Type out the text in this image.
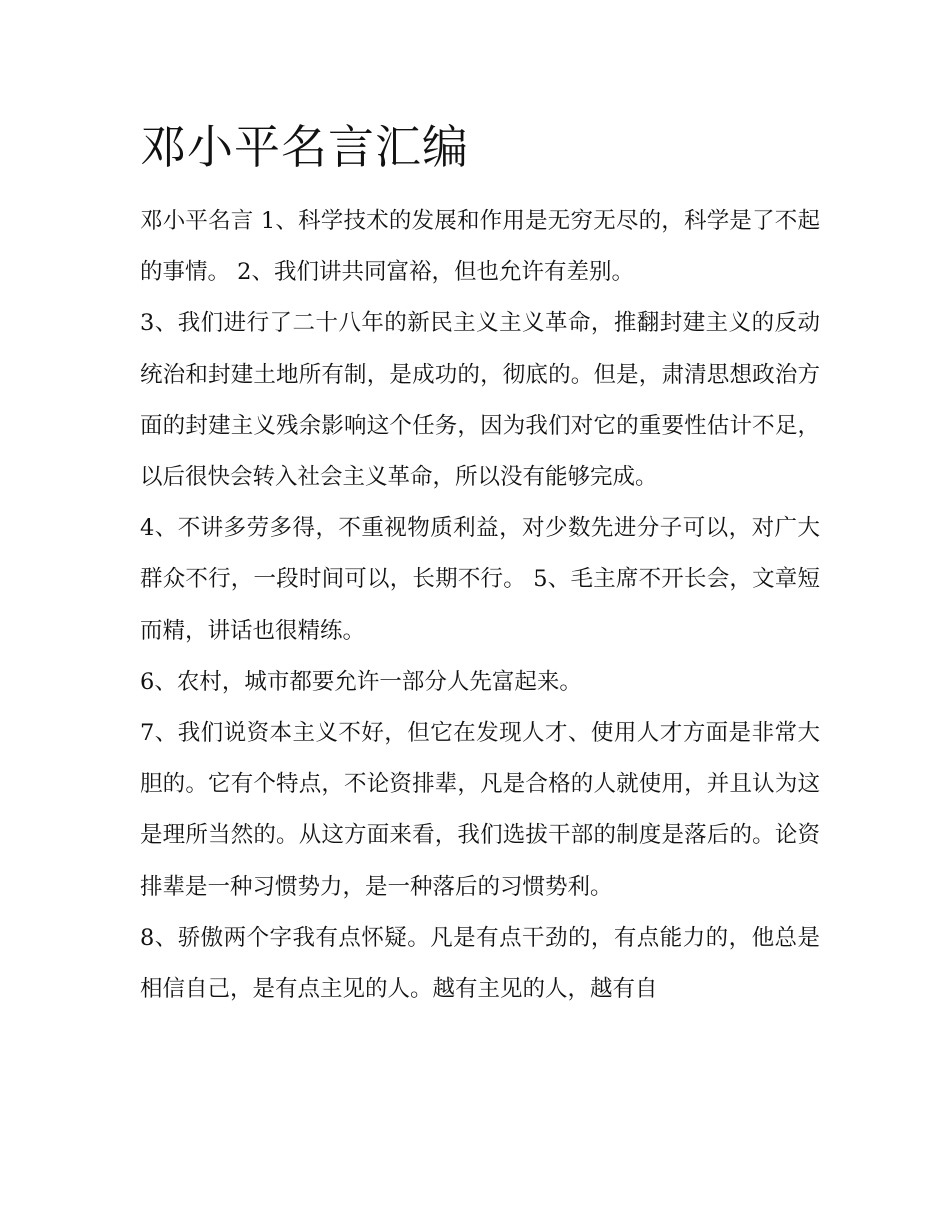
邓小平名言汇编

邓小平名言 1、科学技术的发展和作用是无穷无尽的，科学是了不起的事情。 2、我们讲共同富裕，但也允许有差别。

3、我们进行了二十八年的新民主义主义革命，推翻封建主义的反动统治和封建土地所有制，是成功的，彻底的。但是，肃清思想政治方面的封建主义残余影响这个任务，因为我们对它的重要性估计不足，以后很快会转入社会主义革命，所以没有能够完成。

4、不讲多劳多得，不重视物质利益，对少数先进分子可以，对广大群众不行，一段时间可以，长期不行。 5、毛主席不开长会，文章短而精，讲话也很精练。

6、农村，城市都要允许一部分人先富起来。

7、我们说资本主义不好，但它在发现人才、使用人才方面是非常大胆的。它有个特点，不论资排辈，凡是合格的人就使用，并且认为这是理所当然的。从这方面来看，我们选拔干部的制度是落后的。论资排辈是一种习惯势力，是一种落后的习惯势利。

8、骄傲两个字我有点怀疑。凡是有点干劲的，有点能力的，他总是相信自己，是有点主见的人。越有主见的人，越有自
